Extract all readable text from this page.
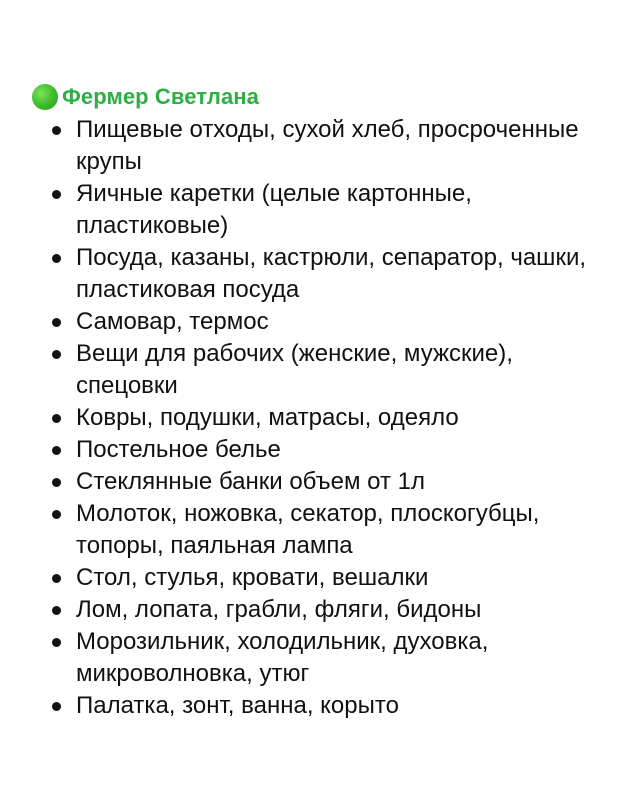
Фермер Светлана
Пищевые отходы, сухой хлеб, просроченные крупы
Яичные каретки (целые картонные, пластиковые)
Посуда, казаны, кастрюли, сепаратор, чашки, пластиковая посуда
Самовар, термос
Вещи для рабочих (женские, мужские), спецовки
Ковры, подушки, матрасы, одеяло
Постельное белье
Стеклянные банки объем от 1л
Молоток, ножовка, секатор, плоскогубцы, топоры, паяльная лампа
Стол, стулья, кровати, вешалки
Лом, лопата, грабли, фляги, бидоны
Морозильник, холодильник, духовка, микроволновка, утюг
Палатка, зонт, ванна, корыто
